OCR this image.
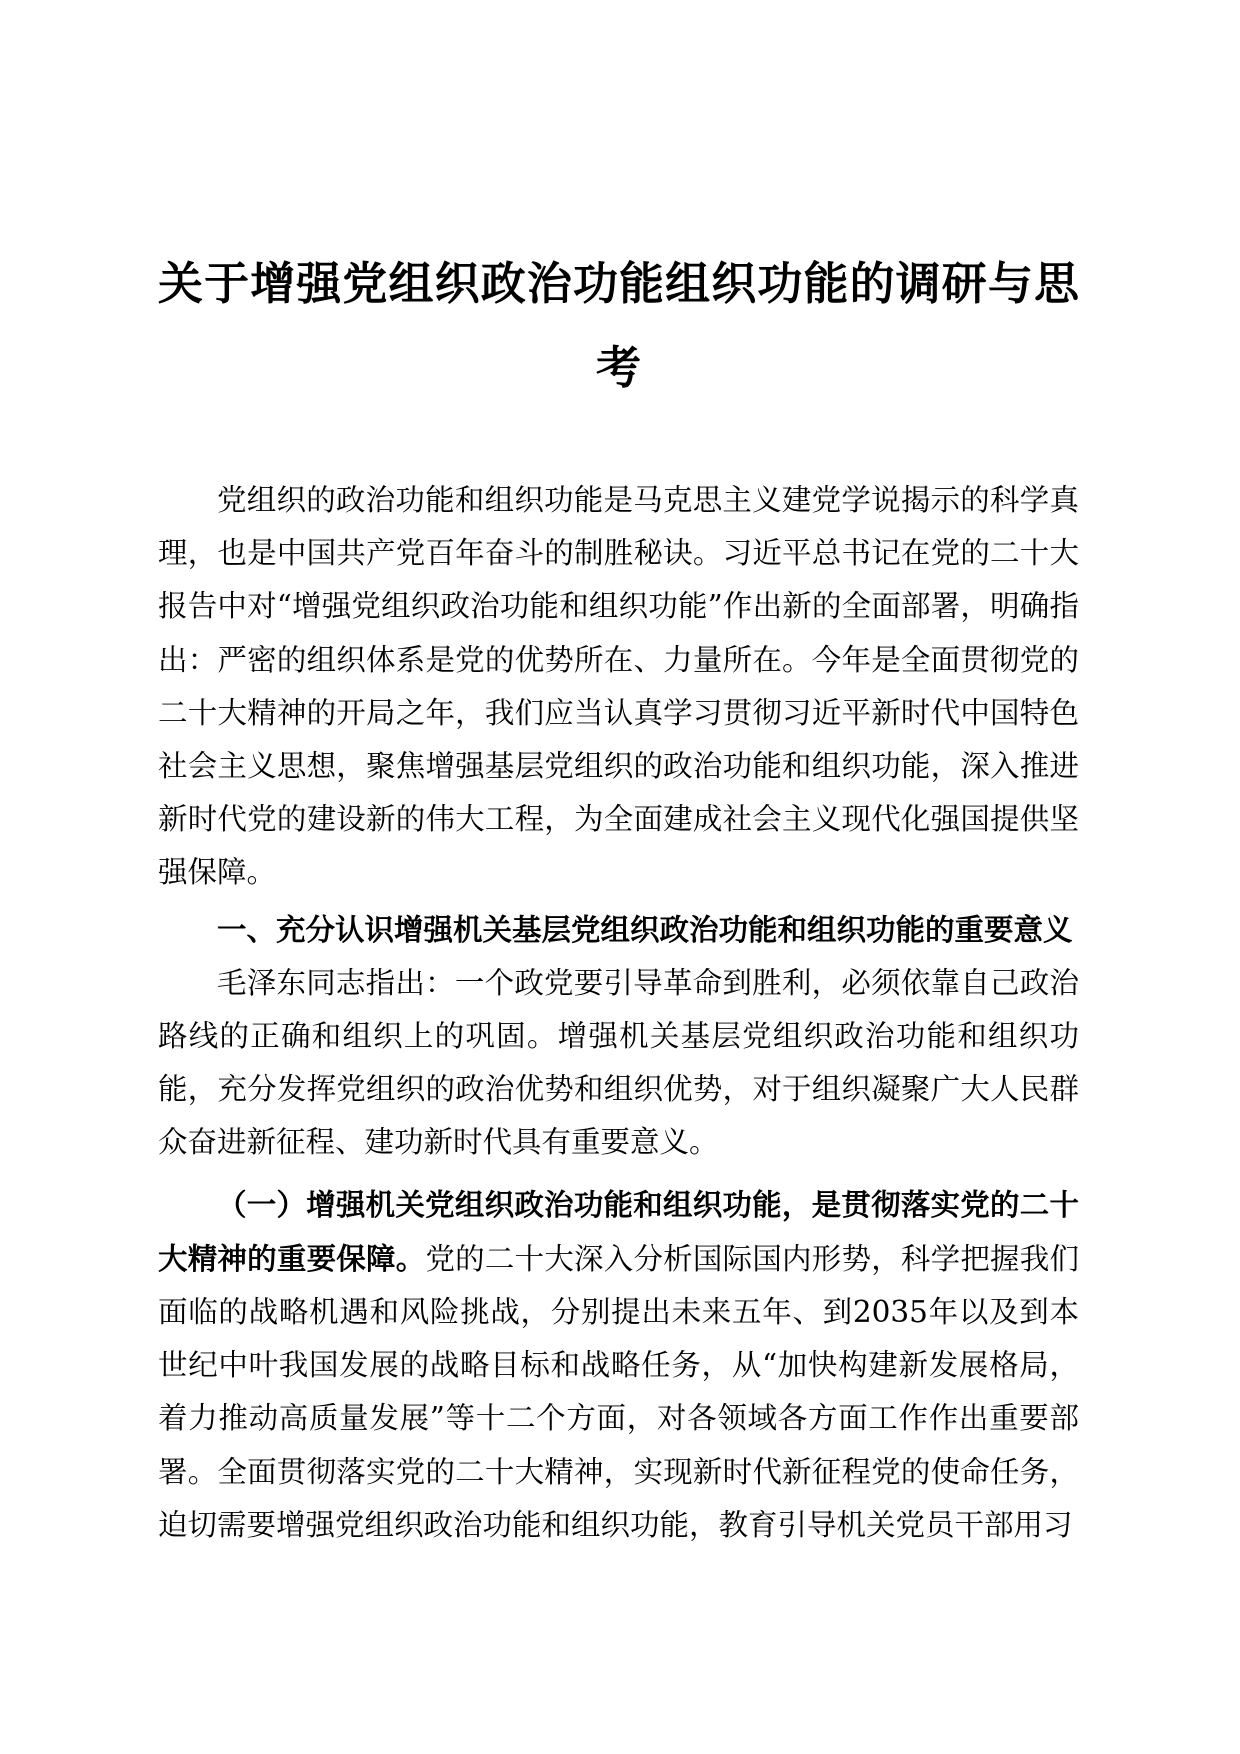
关于增强党组织政治功能组织功能的调研与思
考

党组织的政治功能和组织功能是马克思主义建党学说揭示的科学真理，也是中国共产党百年奋斗的制胜秘诀。习近平总书记在党的二十大报告中对“增强党组织政治功能和组织功能”作出新的全面部署，明确指出：严密的组织体系是党的优势所在、力量所在。今年是全面贯彻党的二十大精神的开局之年，我们应当认真学习贯彻习近平新时代中国特色社会主义思想，聚焦增强基层党组织的政治功能和组织功能，深入推进新时代党的建设新的伟大工程，为全面建成社会主义现代化强国提供坚强保障。

一、充分认识增强机关基层党组织政治功能和组织功能的重要意义

毛泽东同志指出：一个政党要引导革命到胜利，必须依靠自己政治路线的正确和组织上的巩固。增强机关基层党组织政治功能和组织功能，充分发挥党组织的政治优势和组织优势，对于组织凝聚广大人民群众奋进新征程、建功新时代具有重要意义。

（一）增强机关党组织政治功能和组织功能，是贯彻落实党的二十大精神的重要保障。党的二十大深入分析国际国内形势，科学把握我们面临的战略机遇和风险挑战，分别提出未来五年、到2035年以及到本世纪中叶我国发展的战略目标和战略任务，从“加快构建新发展格局，着力推动高质量发展”等十二个方面，对各领域各方面工作作出重要部署。全面贯彻落实党的二十大精神，实现新时代新征程党的使命任务，迫切需要增强党组织政治功能和组织功能，教育引导机关党员干部用习
